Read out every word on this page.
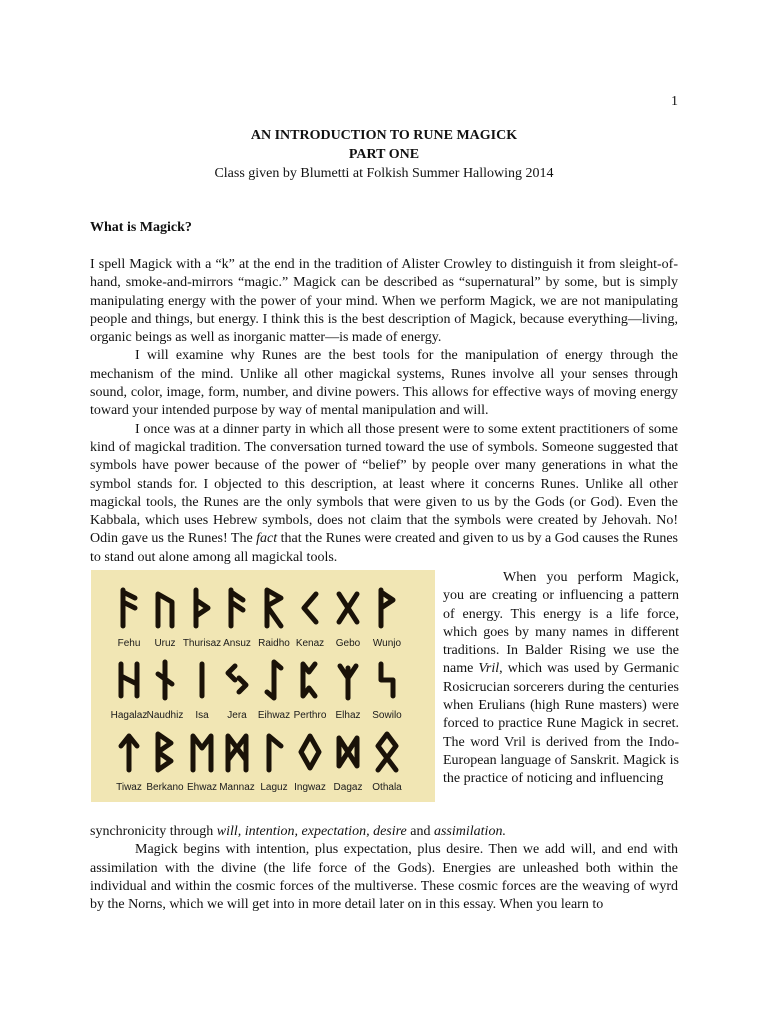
1
AN INTRODUCTION TO RUNE MAGICK
PART ONE
Class given by Blumetti at Folkish Summer Hallowing 2014
What is Magick?

I spell Magick with a “k” at the end in the tradition of Alister Crowley to distinguish it from sleight-of-hand, smoke-and-mirrors “magic.” Magick can be described as “supernatural” by some, but is simply manipulating energy with the power of your mind. When we perform Magick, we are not manipulating people and things, but energy. I think this is the best description of Magick, because everything—living, organic beings as well as inorganic matter—is made of energy.

I will examine why Runes are the best tools for the manipulation of energy through the mechanism of the mind. Unlike all other magickal systems, Runes involve all your senses through sound, color, image, form, number, and divine powers. This allows for effective ways of moving energy toward your intended purpose by way of mental manipulation and will.

I once was at a dinner party in which all those present were to some extent practitioners of some kind of magickal tradition. The conversation turned toward the use of symbols. Someone suggested that symbols have power because of the power of “belief” by people over many generations in what the symbol stands for. I objected to this description, at least where it concerns Runes. Unlike all other magickal tools, the Runes are the only symbols that were given to us by the Gods (or God). Even the Kabbala, which uses Hebrew symbols, does not claim that the symbols were created by Jehovah. No! Odin gave us the Runes! The fact that the Runes were created and given to us by a God causes the Runes to stand out alone among all magickal tools.

Fehu Uruz Thurisaz Ansuz Raidho Kenaz Gebo Wunjo
Hagalaz Naudhiz Isa Jera Eihwaz Perthro Elhaz Sowilo
Tiwaz Berkano Ehwaz Mannaz Laguz Ingwaz Dagaz Othala

When you perform Magick, you are creating or influencing a pattern of energy. This energy is a life force, which goes by many names in different traditions. In Balder Rising we use the name Vril, which was used by Germanic Rosicrucian sorcerers during the centuries when Erulians (high Rune masters) were forced to practice Rune Magick in secret. The word Vril is derived from the Indo-European language of Sanskrit. Magick is the practice of noticing and influencing

synchronicity through will, intention, expectation, desire and assimilation.

Magick begins with intention, plus expectation, plus desire. Then we add will, and end with assimilation with the divine (the life force of the Gods). Energies are unleashed both within the individual and within the cosmic forces of the multiverse. These cosmic forces are the weaving of wyrd by the Norns, which we will get into in more detail later on in this essay. When you learn to
